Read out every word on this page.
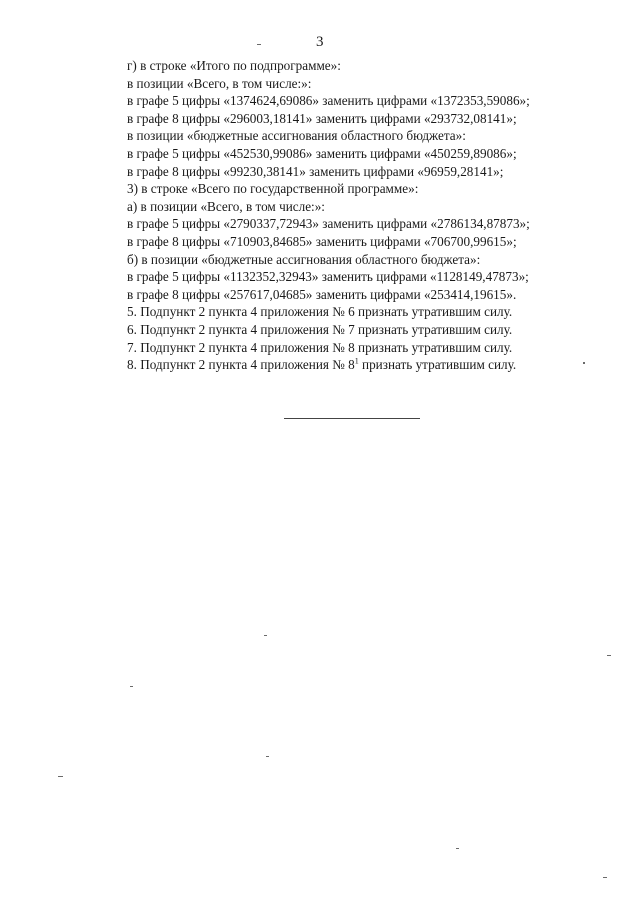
3
г) в строке «Итого по подпрограмме»:
в позиции «Всего, в том числе:»:
в графе 5 цифры «1374624,69086» заменить цифрами «1372353,59086»;
в графе 8 цифры «296003,18141» заменить цифрами «293732,08141»;
в позиции «бюджетные ассигнования областного бюджета»:
в графе 5 цифры «452530,99086» заменить цифрами «450259,89086»;
в графе 8 цифры «99230,38141» заменить цифрами «96959,28141»;
3) в строке «Всего по государственной программе»:
а) в позиции «Всего, в том числе:»:
в графе 5 цифры «2790337,72943» заменить цифрами «2786134,87873»;
в графе 8 цифры «710903,84685» заменить цифрами «706700,99615»;
б) в позиции «бюджетные ассигнования областного бюджета»:
в графе 5 цифры «1132352,32943» заменить цифрами «1128149,47873»;
в графе 8 цифры «257617,04685» заменить цифрами «253414,19615».
5. Подпункт 2 пункта 4 приложения № 6 признать утратившим силу.
6. Подпункт 2 пункта 4 приложения № 7 признать утратившим силу.
7. Подпункт 2 пункта 4 приложения № 8 признать утратившим силу.
8. Подпункт 2 пункта 4 приложения № $8^1$ признать утратившим силу.
